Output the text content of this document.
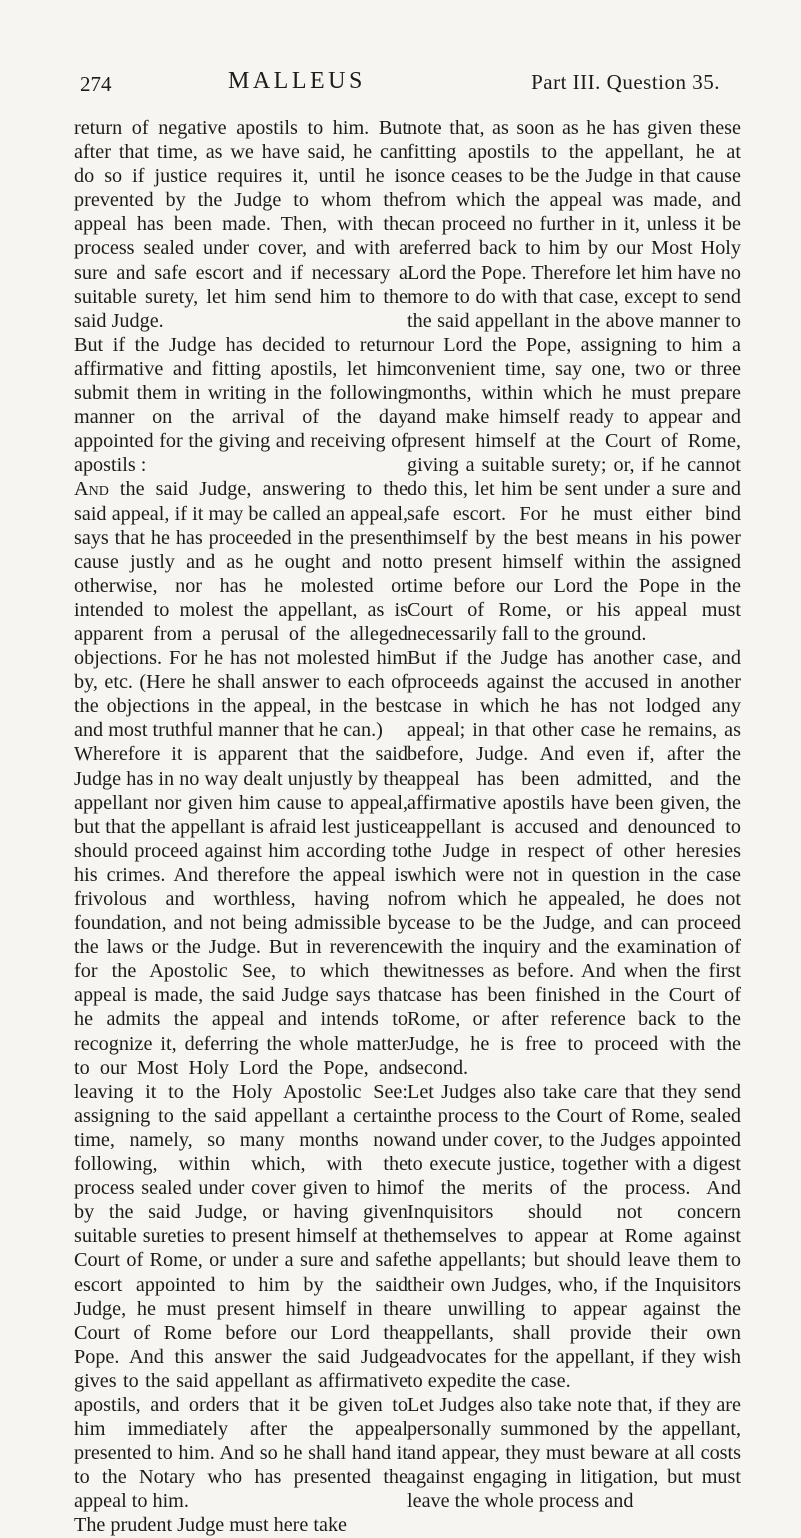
274	MALLEUS	Part III. Question 35.

return of negative apostils to him. But after that time, as we have said, he can do so if justice requires it, until he is prevented by the Judge to whom the appeal has been made. Then, with the process sealed under cover, and with a sure and safe escort and if necessary a suitable surety, let him send him to the said Judge.

But if the Judge has decided to return affirmative and fitting apostils, let him submit them in writing in the following manner on the arrival of the day appointed for the giving and receiving of apostils :

And the said Judge, answering to the said appeal, if it may be called an appeal, says that he has proceeded in the present cause justly and as he ought and not otherwise, nor has he molested or intended to molest the appellant, as is apparent from a perusal of the alleged objections. For he has not molested him by, etc. (Here he shall answer to each of the objections in the appeal, in the best and most truthful manner that he can.)

Wherefore it is apparent that the said Judge has in no way dealt unjustly by the appellant nor given him cause to appeal, but that the appellant is afraid lest justice should proceed against him according to his crimes. And therefore the appeal is frivolous and worthless, having no foundation, and not being admissible by the laws or the Judge. But in reverence for the Apostolic See, to which the appeal is made, the said Judge says that he admits the appeal and intends to recognize it, deferring the whole matter to our Most Holy Lord the Pope, and leaving it to the Holy Apostolic See: assigning to the said appellant a certain time, namely, so many months now following, within which, with the process sealed under cover given to him by the said Judge, or having given suitable sureties to present himself at the Court of Rome, or under a sure and safe escort appointed to him by the said Judge, he must present himself in the Court of Rome before our Lord the Pope. And this answer the said Judge gives to the said appellant as affirmative apostils, and orders that it be given to him immediately after the appeal presented to him. And so he shall hand it to the Notary who has presented the appeal to him.

The prudent Judge must here take

note that, as soon as he has given these fitting apostils to the appellant, he at once ceases to be the Judge in that cause from which the appeal was made, and can proceed no further in it, unless it be referred back to him by our Most Holy Lord the Pope. Therefore let him have no more to do with that case, except to send the said appellant in the above manner to our Lord the Pope, assigning to him a convenient time, say one, two or three months, within which he must prepare and make himself ready to appear and present himself at the Court of Rome, giving a suitable surety; or, if he cannot do this, let him be sent under a sure and safe escort. For he must either bind himself by the best means in his power to present himself within the assigned time before our Lord the Pope in the Court of Rome, or his appeal must necessarily fall to the ground.

But if the Judge has another case, and proceeds against the accused in another case in which he has not lodged any appeal; in that other case he remains, as before, Judge. And even if, after the appeal has been admitted, and the affirmative apostils have been given, the appellant is accused and denounced to the Judge in respect of other heresies which were not in question in the case from which he appealed, he does not cease to be the Judge, and can proceed with the inquiry and the examination of witnesses as before. And when the first case has been finished in the Court of Rome, or after reference back to the Judge, he is free to proceed with the second.

Let Judges also take care that they send the process to the Court of Rome, sealed and under cover, to the Judges appointed to execute justice, together with a digest of the merits of the process. And Inquisitors should not concern themselves to appear at Rome against the appellants; but should leave them to their own Judges, who, if the Inquisitors are unwilling to appear against the appellants, shall provide their own advocates for the appellant, if they wish to expedite the case.

Let Judges also take note that, if they are personally summoned by the appellant, and appear, they must beware at all costs against engaging in litigation, but must leave the whole process and
